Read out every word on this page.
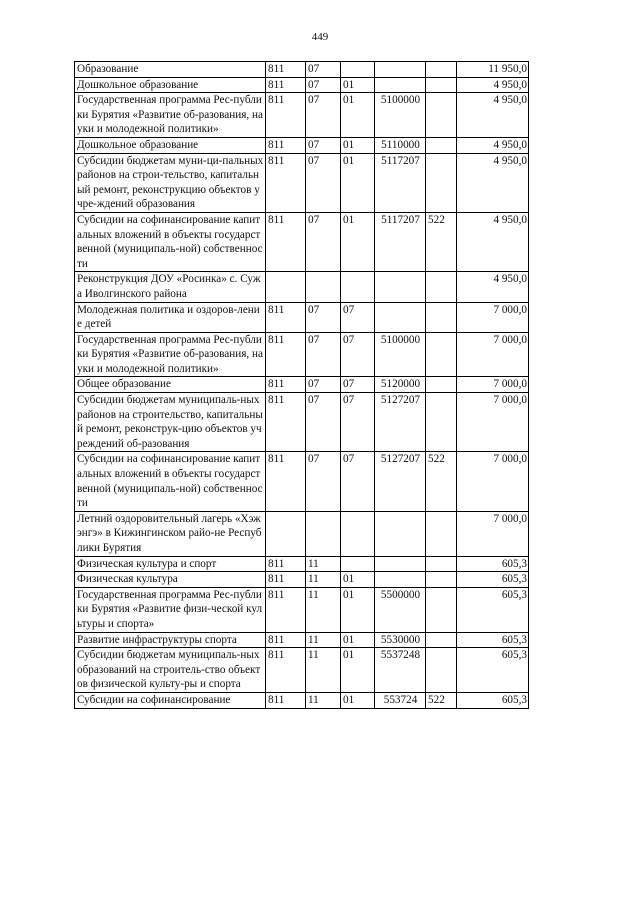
449
Образование	811	07				11 950,0
Дошкольное образование	811	07	01			4 950,0
Государственная программа Рес-публики Бурятия «Развитие об-разования, науки и молодежной политики»	811	07	01	5100000		4 950,0
Дошкольное образование	811	07	01	5110000		4 950,0
Субсидии бюджетам муни-ци-пальных районов на строи-тельство, капитальный ремонт, реконструкцию объектов учре-ждений образования	811	07	01	5117207		4 950,0
Субсидии на софинансирование капитальных вложений в объекты государственной (муниципаль-ной) собственности	811	07	01	5117207	522	4 950,0
Реконструкция ДОУ «Росинка» с. Сужа Иволгинского района						4 950,0
Молодежная политика и оздоров-ление детей	811	07	07			7 000,0
Государственная программа Рес-публики Бурятия «Развитие об-разования, науки и молодежной политики»	811	07	07	5100000		7 000,0
Общее образование	811	07	07	5120000		7 000,0
Субсидии бюджетам муниципаль-ных районов на строительство, капитальный ремонт, реконструк-цию объектов учреждений об-разования	811	07	07	5127207		7 000,0
Субсидии на софинансирование капитальных вложений в объекты государственной (муниципаль-ной) собственности	811	07	07	5127207	522	7 000,0
Летний оздоровительный лагерь «Хэжэнгэ» в Кижингинском райо-не Республики Бурятия						7 000,0
Физическая культура и спорт	811	11				605,3
Физическая культура	811	11	01			605,3
Государственная программа Рес-публики Бурятия «Развитие физи-ческой культуры и спорта»	811	11	01	5500000		605,3
Развитие инфраструктуры спорта	811	11	01	5530000		605,3
Субсидии бюджетам муниципаль-ных образований на строитель-ство объектов физической культу-ры и спорта	811	11	01	5537248		605,3
Субсидии на софинансирование	811	11	01	553724	522	605,3
